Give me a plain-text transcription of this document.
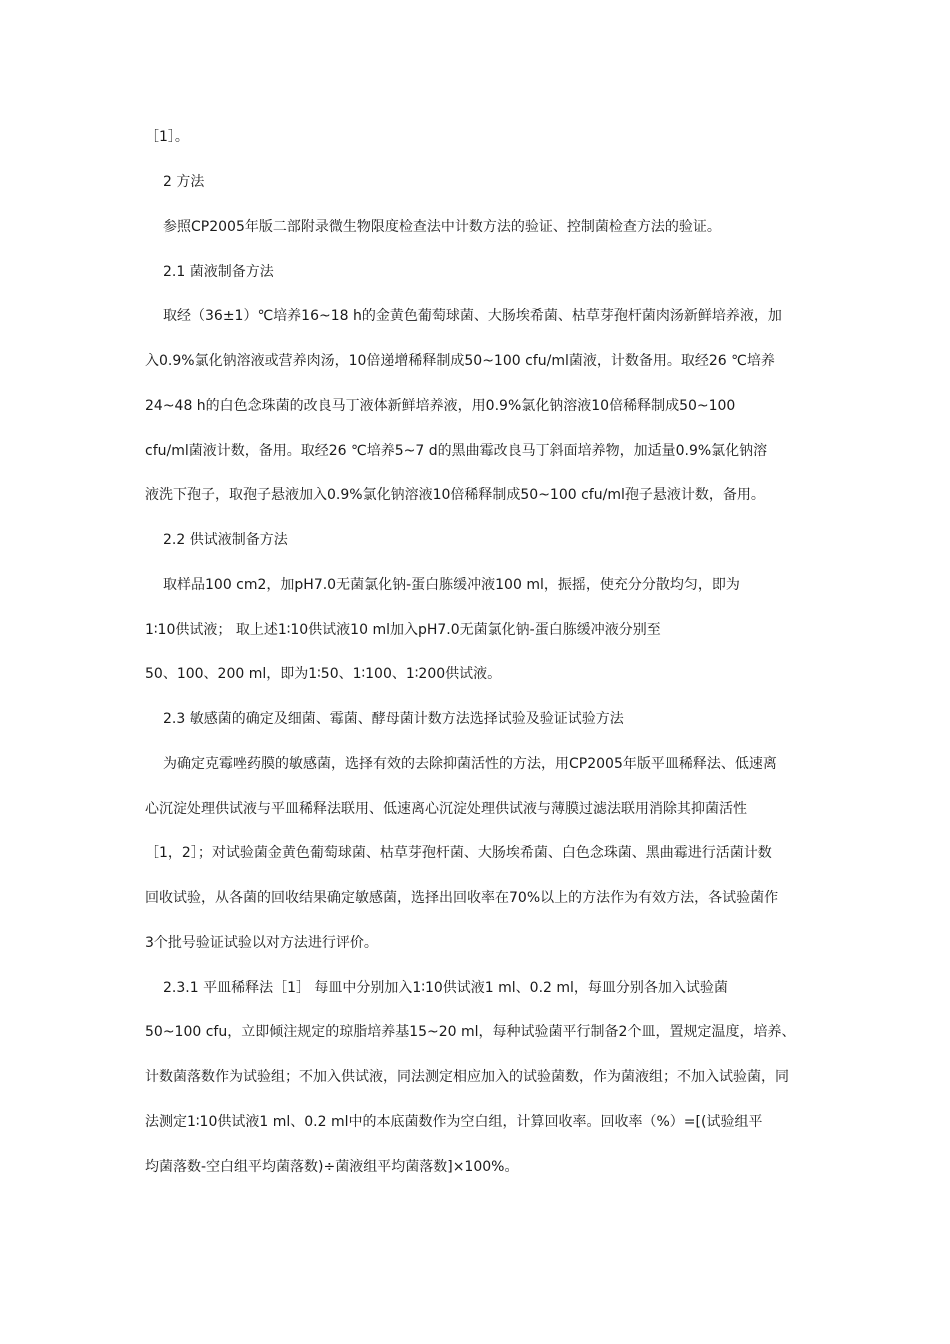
［1］。
2 方法
参照CP2005年版二部附录微生物限度检查法中计数方法的验证、控制菌检查方法的验证。
2.1 菌液制备方法
取经（36±1）℃培养16~18 h的金黄色葡萄球菌、大肠埃希菌、枯草芽孢杆菌肉汤新鲜培养液，加
入0.9%氯化钠溶液或营养肉汤，10倍递增稀释制成50~100 cfu/ml菌液，计数备用。取经26 ℃培养
24~48 h的白色念珠菌的改良马丁液体新鲜培养液，用0.9%氯化钠溶液10倍稀释制成50~100
cfu/ml菌液计数，备用。取经26 ℃培养5~7 d的黑曲霉改良马丁斜面培养物，加适量0.9%氯化钠溶
液洗下孢子，取孢子悬液加入0.9%氯化钠溶液10倍稀释制成50~100 cfu/ml孢子悬液计数，备用。
2.2 供试液制备方法
取样品100 cm2，加pH7.0无菌氯化钠-蛋白胨缓冲液100 ml，振摇，使充分分散均匀，即为
1∶10供试液； 取上述1∶10供试液10 ml加入pH7.0无菌氯化钠-蛋白胨缓冲液分别至
50、100、200 ml，即为1∶50、1∶100、1∶200供试液。
2.3 敏感菌的确定及细菌、霉菌、酵母菌计数方法选择试验及验证试验方法
为确定克霉唑药膜的敏感菌，选择有效的去除抑菌活性的方法，用CP2005年版平皿稀释法、低速离
心沉淀处理供试液与平皿稀释法联用、低速离心沉淀处理供试液与薄膜过滤法联用消除其抑菌活性
［1，2］；对试验菌金黄色葡萄球菌、枯草芽孢杆菌、大肠埃希菌、白色念珠菌、黑曲霉进行活菌计数
回收试验，从各菌的回收结果确定敏感菌，选择出回收率在70%以上的方法作为有效方法，各试验菌作
3个批号验证试验以对方法进行评价。
2.3.1 平皿稀释法［1］ 每皿中分别加入1∶10供试液1 ml、0.2 ml，每皿分别各加入试验菌
50~100 cfu，立即倾注规定的琼脂培养基15~20 ml，每种试验菌平行制备2个皿，置规定温度，培养、
计数菌落数作为试验组；不加入供试液，同法测定相应加入的试验菌数，作为菌液组；不加入试验菌，同
法测定1∶10供试液1 ml、0.2 ml中的本底菌数作为空白组，计算回收率。回收率（%）=[(试验组平
均菌落数-空白组平均菌落数)÷菌液组平均菌落数]×100%。
